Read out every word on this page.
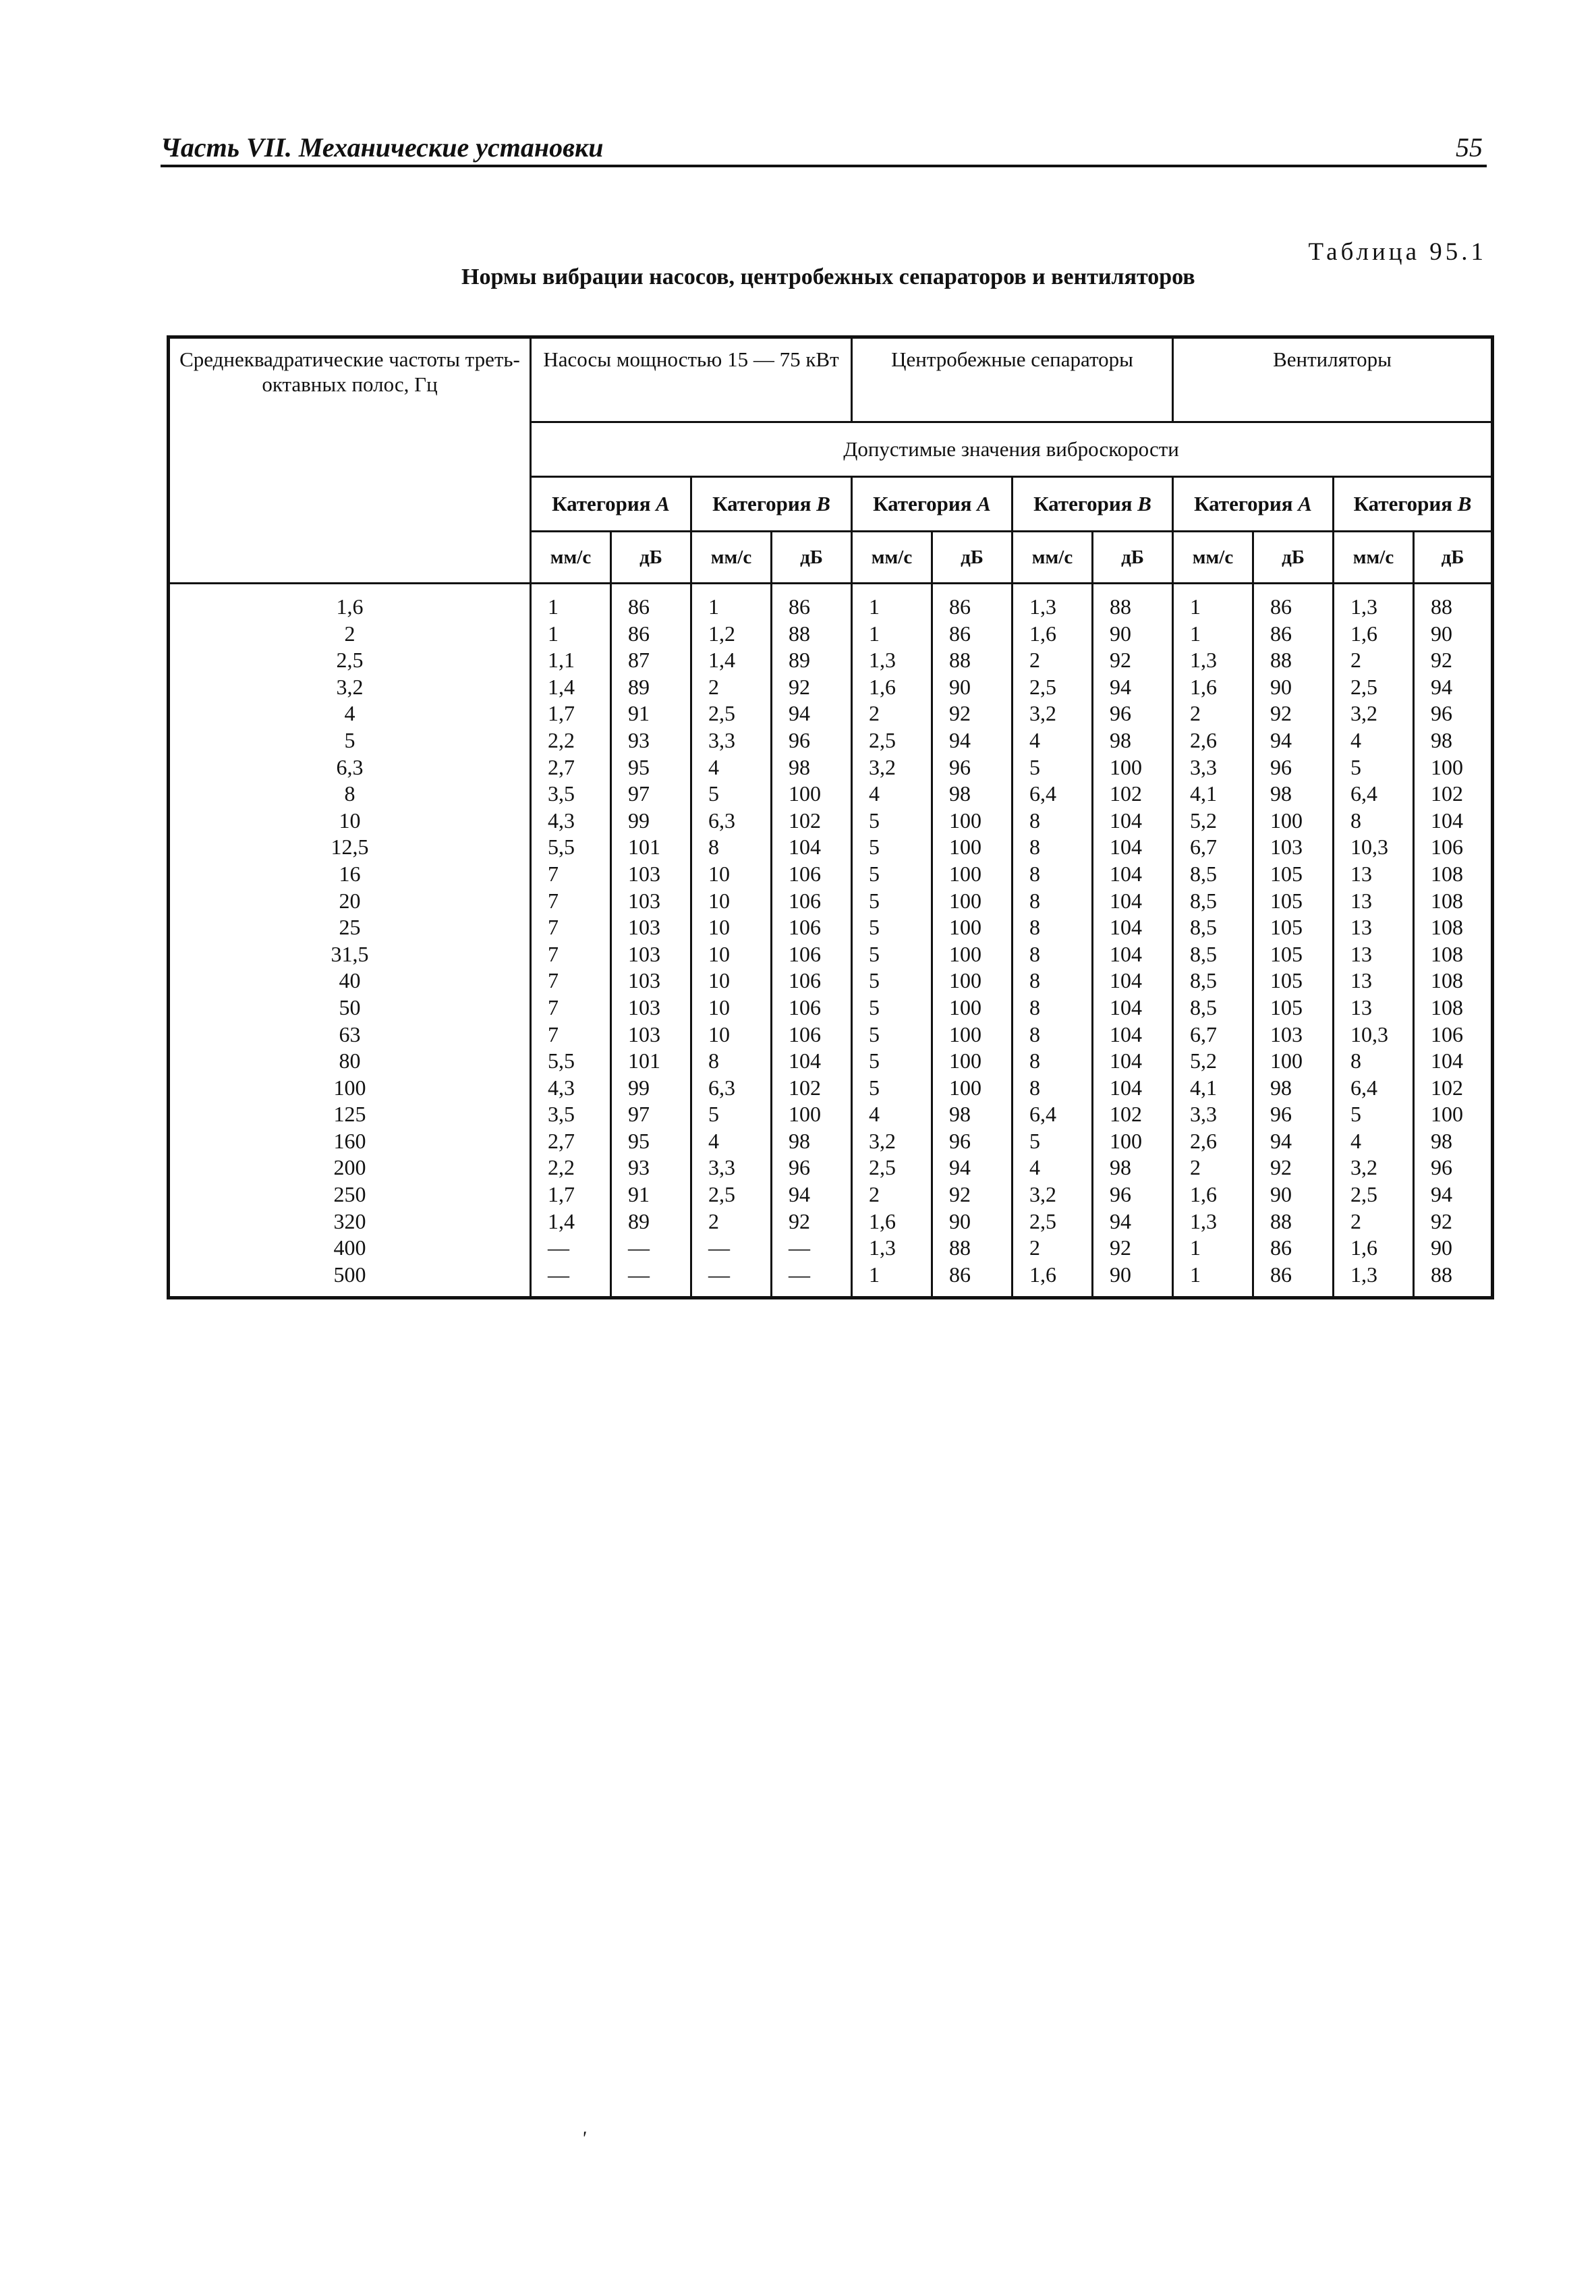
Часть VII. Механические установки	55
Таблица 95.1
Нормы вибрации насосов, центробежных сепараторов и вентиляторов
Среднеквадратические частоты треть-октавных полос, Гц	Насосы мощностью 15 — 75 кВт				Центробежные сепараторы				Вентиляторы			
	Допустимые значения виброскорости											
	Категория A		Категория B		Категория A		Категория B		Категория A		Категория B	
	мм/с	дБ	мм/с	дБ	мм/с	дБ	мм/с	дБ	мм/с	дБ	мм/с	дБ
1,6	1	86	1	86	1	86	1,3	88	1	86	1,3	88
2	1	86	1,2	88	1	86	1,6	90	1	86	1,6	90
2,5	1,1	87	1,4	89	1,3	88	2	92	1,3	88	2	92
3,2	1,4	89	2	92	1,6	90	2,5	94	1,6	90	2,5	94
4	1,7	91	2,5	94	2	92	3,2	96	2	92	3,2	96
5	2,2	93	3,3	96	2,5	94	4	98	2,6	94	4	98
6,3	2,7	95	4	98	3,2	96	5	100	3,3	96	5	100
8	3,5	97	5	100	4	98	6,4	102	4,1	98	6,4	102
10	4,3	99	6,3	102	5	100	8	104	5,2	100	8	104
12,5	5,5	101	8	104	5	100	8	104	6,7	103	10,3	106
16	7	103	10	106	5	100	8	104	8,5	105	13	108
20	7	103	10	106	5	100	8	104	8,5	105	13	108
25	7	103	10	106	5	100	8	104	8,5	105	13	108
31,5	7	103	10	106	5	100	8	104	8,5	105	13	108
40	7	103	10	106	5	100	8	104	8,5	105	13	108
50	7	103	10	106	5	100	8	104	8,5	105	13	108
63	7	103	10	106	5	100	8	104	6,7	103	10,3	106
80	5,5	101	8	104	5	100	8	104	5,2	100	8	104
100	4,3	99	6,3	102	5	100	8	104	4,1	98	6,4	102
125	3,5	97	5	100	4	98	6,4	102	3,3	96	5	100
160	2,7	95	4	98	3,2	96	5	100	2,6	94	4	98
200	2,2	93	3,3	96	2,5	94	4	98	2	92	3,2	96
250	1,7	91	2,5	94	2	92	3,2	96	1,6	90	2,5	94
320	1,4	89	2	92	1,6	90	2,5	94	1,3	88	2	92
400	—	—	—	—	1,3	88	2	92	1	86	1,6	90
500	—	—	—	—	1	86	1,6	90	1	86	1,3	88
'
